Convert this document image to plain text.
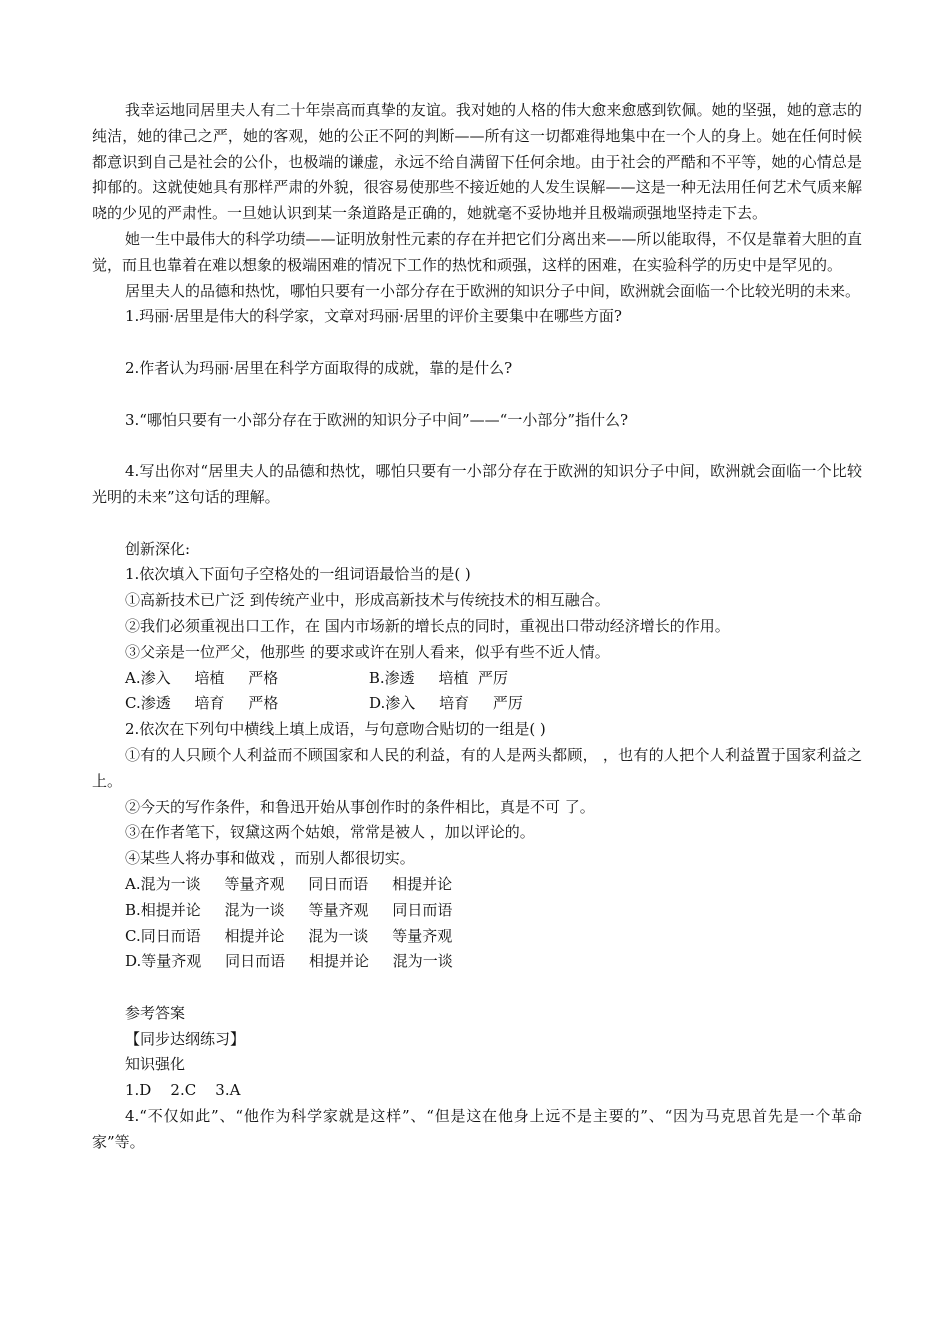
我幸运地同居里夫人有二十年崇高而真挚的友谊。我对她的人格的伟大愈来愈感到钦佩。她的坚强，她的意志的纯洁，她的律己之严，她的客观，她的公正不阿的判断——所有这一切都难得地集中在一个人的身上。她在任何时候都意识到自己是社会的公仆，也极端的谦虚，永远不给自满留下任何余地。由于社会的严酷和不平等，她的心情总是抑郁的。这就使她具有那样严肃的外貌，很容易使那些不接近她的人发生误解——这是一种无法用任何艺术气质来解哓的少见的严肃性。一旦她认识到某一条道路是正确的，她就毫不妥协地并且极端顽强地坚持走下去。

她一生中最伟大的科学功绩——证明放射性元素的存在并把它们分离出来——所以能取得，不仅是靠着大胆的直觉，而且也靠着在难以想象的极端困难的情况下工作的热忱和顽强，这样的困难，在实验科学的历史中是罕见的。

居里夫人的品德和热忱，哪怕只要有一小部分存在于欧洲的知识分子中间，欧洲就会面临一个比较光明的未来。

1.玛丽·居里是伟大的科学家，文章对玛丽·居里的评价主要集中在哪些方面?

2.作者认为玛丽·居里在科学方面取得的成就，靠的是什么?

3.“哪怕只要有一小部分存在于欧洲的知识分子中间”——“一小部分”指什么?

4.写出你对“居里夫人的品德和热忱，哪怕只要有一小部分存在于欧洲的知识分子中间，欧洲就会面临一个比较光明的未来”这句话的理解。

创新深化:

1.依次填入下面句子空格处的一组词语最恰当的是( )

①高新技术已广泛 到传统产业中，形成高新技术与传统技术的相互融合。

②我们必须重视出口工作，在 国内市场新的增长点的同时，重视出口带动经济增长的作用。

③父亲是一位严父，他那些 的要求或许在别人看来，似乎有些不近人情。

A.渗入     培植     严格                   B.渗透     培植  严厉

C.渗透     培育     严格                   D.渗入     培育     严厉

2.依次在下列句中横线上填上成语，与句意吻合贴切的一组是( )

①有的人只顾个人利益而不顾国家和人民的利益，有的人是两头都顾， ，也有的人把个人利益置于国家利益之上。

②今天的写作条件，和鲁迅开始从事创作时的条件相比，真是不可 了。

③在作者笔下，钗黛这两个姑娘，常常是被人 ，加以评论的。

④某些人将办事和做戏 ，而别人都很切实。

A.混为一谈     等量齐观     同日而语     相提并论

B.相提并论     混为一谈     等量齐观     同日而语

C.同日而语     相提并论     混为一谈     等量齐观

D.等量齐观     同日而语     相提并论     混为一谈

参考答案

【同步达纲练习】

知识强化

1.D    2.C    3.A

4.“不仅如此”、“他作为科学家就是这样”、“但是这在他身上远不是主要的”、“因为马克思首先是一个革命家”等。
